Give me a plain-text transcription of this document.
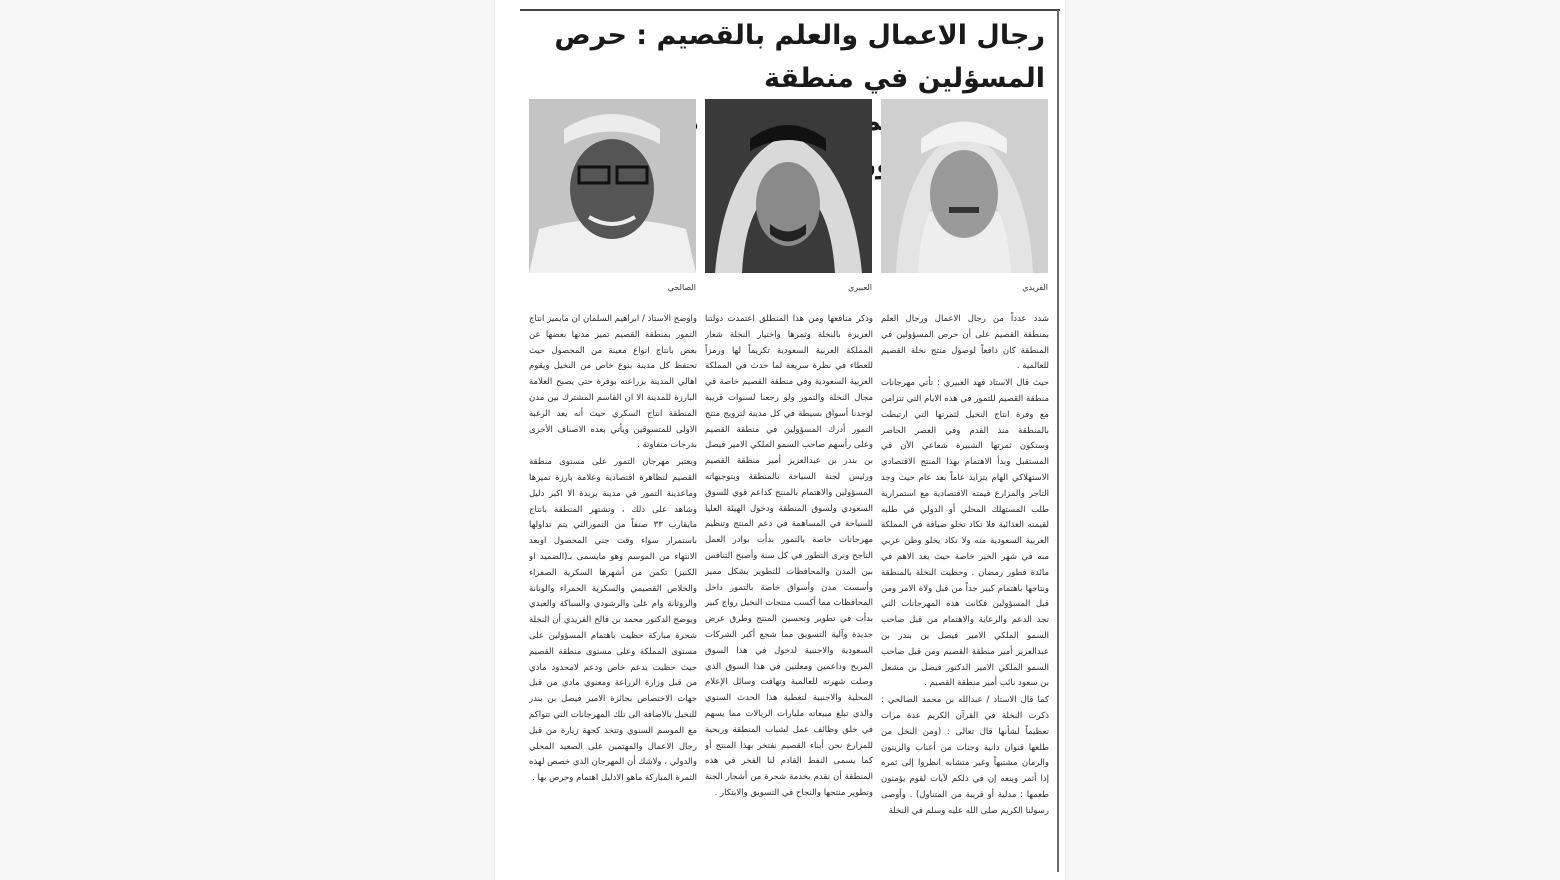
رجال الاعمال والعلم بالقصيم : حرص المسؤلين في منطقة
الفريدي
العبيري
الصالحي

شدد عدداً من رجال الاعمال ورجال العلم بمنطقة القصيم على أن حرص المسؤولين في المنطقة كان دافعاً لوصول منتج نخلة القصيم للعالمية .

حيث قال الاستاذ فهد العبيري : تأتي مهرجانات منطقة القصيم للتمور في هذه الايام التي تتزامن مع وفرة انتاج النخيل لثمرتها التي ارتبطت بالمنطقة منذ القدم وفي العصر الحاضر وستكون ثمرتها الشبيرة شعاعي الآن في المستقبل وبدأ الاهتمام بهذا المنتج الاقتصادي الاستهلاكي الهام يتزايد عاماً بعد عام حيث وجد التاجر والمزارع قيمته الاقتصادية مع استمرارية طلب المستهلك المحلي أو الدولي في طلبه لقيمته الغذائية فلا تكاد تخلو ضيافة في المملكة العربية السعودية منه ولا تكاد يخلو وطن عربي منه في شهر الخير خاصة حيث يعد الاهم في مائدة فطور رمضان . وحظيت النخلة بالمنطقة ونتاجها باهتمام كبير جداً من قبل ولاة الامر ومن قبل المسؤولين فكانت هذه المهرجانات التي تجد الدعم والرعاية والاهتمام من قبل صاحب السمو الملكي الامير فيصل بن بندر بن عبدالعزيز أمير منطقة القصيم ومن قبل صاحب السمو الملكي الامير الدكتور فيصل بن مشعل بن سعود نائب أمير منطقة القصيم .

كما قال الاستاذ / عبدالله بن محمد الصالحي : ذكرت النخلة في القرآن الكريم عدة مرات تعظيماً لشأنها قال تعالى : (ومن النخل من طلعها قنوان دانية وجنات من أعناب والزيتون والرمان مشتبهاً وغير متشابه انظروا إلى ثمره إذا أثمر وينعه إن في ذلكم لآيات لقوم يؤمنون طعمها : مدلية أو قريبة من المتناول) . وأوصى رسولنا الكريم صلى الله عليه وسلم في النخلة

وذكر منافعها ومن هذا المنطلق اعتمدت دولتنا العزيزة بالنخلة وثمرها واختيار النخلة شعار المملكة العربية السعودية تكريماً لها ورمزاً للعطاء في نظرة سريعة لما حدث في المملكة العربية السعودية وفي منطقة القصيم خاصة في مجال النخلة والتمور ولو رجعنا لسنوات قريبة لوجدنا أسواق بسيطة في كل مدينة لترويج منتج التمور أدرك المسؤولين في منطقة القصيم وعلى رأسهم صاحب السمو الملكي الامير فيصل بن بندر بن عبدالعزيز أمير منطقة القصيم ورئيس لجنة السياحة بالمنطقة وبتوجيهاته المسؤولين والاهتمام بالمنتج كداعم قوي للسوق السعودي ولسوق المنطقة ودخول الهيئة العليا للسياحة في المساهمة في دعم المنتج وتنظيم مهرجانات خاصة بالتمور بدأت بوادر العمل الناجح ونرى التطور في كل سنة وأصبح التنافس بين المدن والمحافظات للتطوير بشكل مميز وأسست مدن وأسواق خاصة بالتمور داخل المحافظات مما أكسب منتجات النخيل رواج كبير بدأت في تطوير وتحسين المنتج وطرق عرض جديدة وآلية التسويق مما شجع أكبر الشركات السعودية والاجنبية لدخول في هذا السوق المربح وداعمين ومعلنين في هذا السوق الذي وصلت شهرته للعالمية وتهافت وسائل الإعلام المحلية والاجنبية لتغطية هذا الحدث السنوي والذي تبلغ مبيعاته مليارات الريالات مما يسهم في خلق وظائف عمل لشباب المنطقة وربحية للمزارع نحن أبناء القصيم نفتخر بهذا المنتج أو كما يسمى النفط القادم لنا الفخر في هذه المنطقة أن نقدم بخدمة شجرة من أشجار الجنة وتطوير منتجها والنجاح في التسويق والابتكار .

واوضح الاستاذ / ابراهيم السلمان ان مايميز انتاج التمور بمنطقة القصيم تميز مدنها بعضها عن بعض بانتاج انواع معينة من المحصول حيث تحتفظ كل مدينة بنوع خاص من النخيل ويقوم اهالي المدينة بزراعته بوفرة حتى يصبح العلامة البارزة للمدينة الا ان القاسم المشترك بين مدن المنطقة انتاج السكري حيث أنه يعد الرغبة الاولى للمتسوقين ويأتي بعده الاصناف الأخرى بدرجات متفاوتة .

ويعتبر مهرجان التمور على مستوى منطقة القصيم لتظاهرة اقتصادية وعلامة بارزة تميزها وماعدينة التمور في مدينة بريدة الا اكبر دليل وشاهد على ذلك ، وتشتهر المنطقة بانتاج مايقارب ٣٣ صنفاً من التمورالتي يتم تداولها باستمرار سواء وقت جني المحصول اوبعد الانتهاء من الموسم وهو مايسمى بـ(الضميد او الكنيز) تكمن من أشهرها السكرية الصفراء والخلاص القصيمي والسكرية الحمراء والونانة والروثانة وام على والرشودي والسباكة والعبدي ويوضح الدكتور محمد بن فالح الفريدي أن النخلة شجرة مباركة حظيت باهتمام المسؤولين على مستوى المملكة وعلى مستوى منطقة القصيم حيث حظيت بدعم خاص ودعم لامحدود مادي من قبل وزارة الزراعة ومعنوي مادي من قبل جهات الاختصاص بجائزة الامير فيصل بن بندر للنخيل بالاضافة الى تلك المهرجانات التي تتواكم مع الموسم السنوي وتتخذ كجهة زيارة من قبل رجال الاعمال والمهتمين على الصعيد المحلي والدولي ، ولاشك أن المهرجان الذي خصص لهذه الثمرة المباركة ماهو الادليل اهتمام وحرص بها .
